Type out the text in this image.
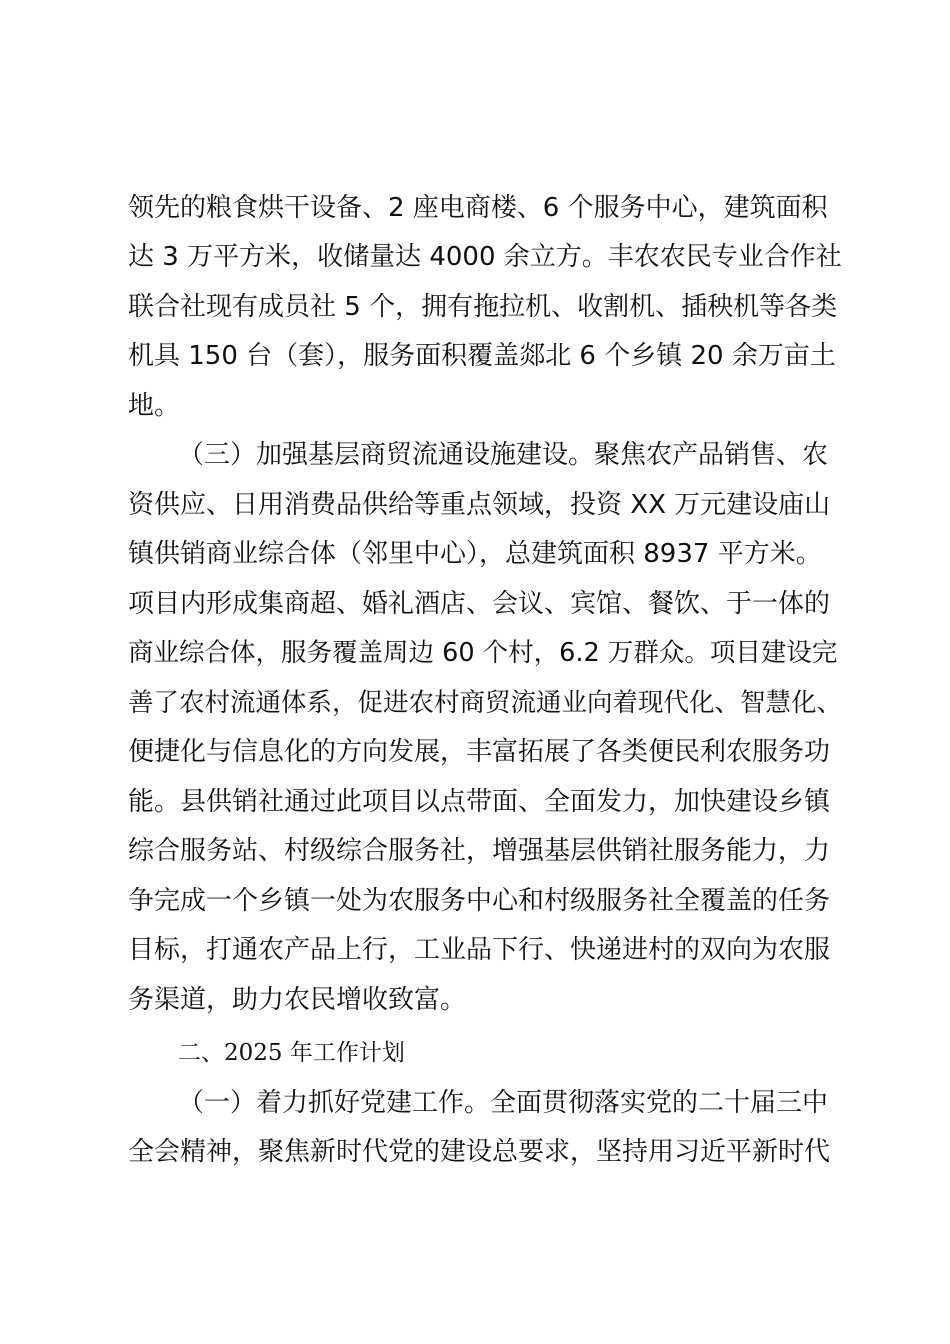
领先的粮食烘干设备、2 座电商楼、6 个服务中心，建筑面积
达 3 万平方米，收储量达 4000 余立方。丰农农民专业合作社
联合社现有成员社 5 个，拥有拖拉机、收割机、插秧机等各类
机具 150 台（套），服务面积覆盖郯北 6 个乡镇 20 余万亩土
地。
（三）加强基层商贸流通设施建设。聚焦农产品销售、农
资供应、日用消费品供给等重点领域，投资 XX 万元建设庙山
镇供销商业综合体（邻里中心），总建筑面积 8937 平方米。
项目内形成集商超、婚礼酒店、会议、宾馆、餐饮、于一体的
商业综合体，服务覆盖周边 60 个村，6.2 万群众。项目建设完
善了农村流通体系，促进农村商贸流通业向着现代化、智慧化、
便捷化与信息化的方向发展，丰富拓展了各类便民利农服务功
能。县供销社通过此项目以点带面、全面发力，加快建设乡镇
综合服务站、村级综合服务社，增强基层供销社服务能力，力
争完成一个乡镇一处为农服务中心和村级服务社全覆盖的任务
目标，打通农产品上行，工业品下行、快递进村的双向为农服
务渠道，助力农民增收致富。
二、2025 年工作计划
（一）着力抓好党建工作。全面贯彻落实党的二十届三中
全会精神，聚焦新时代党的建设总要求，坚持用习近平新时代
